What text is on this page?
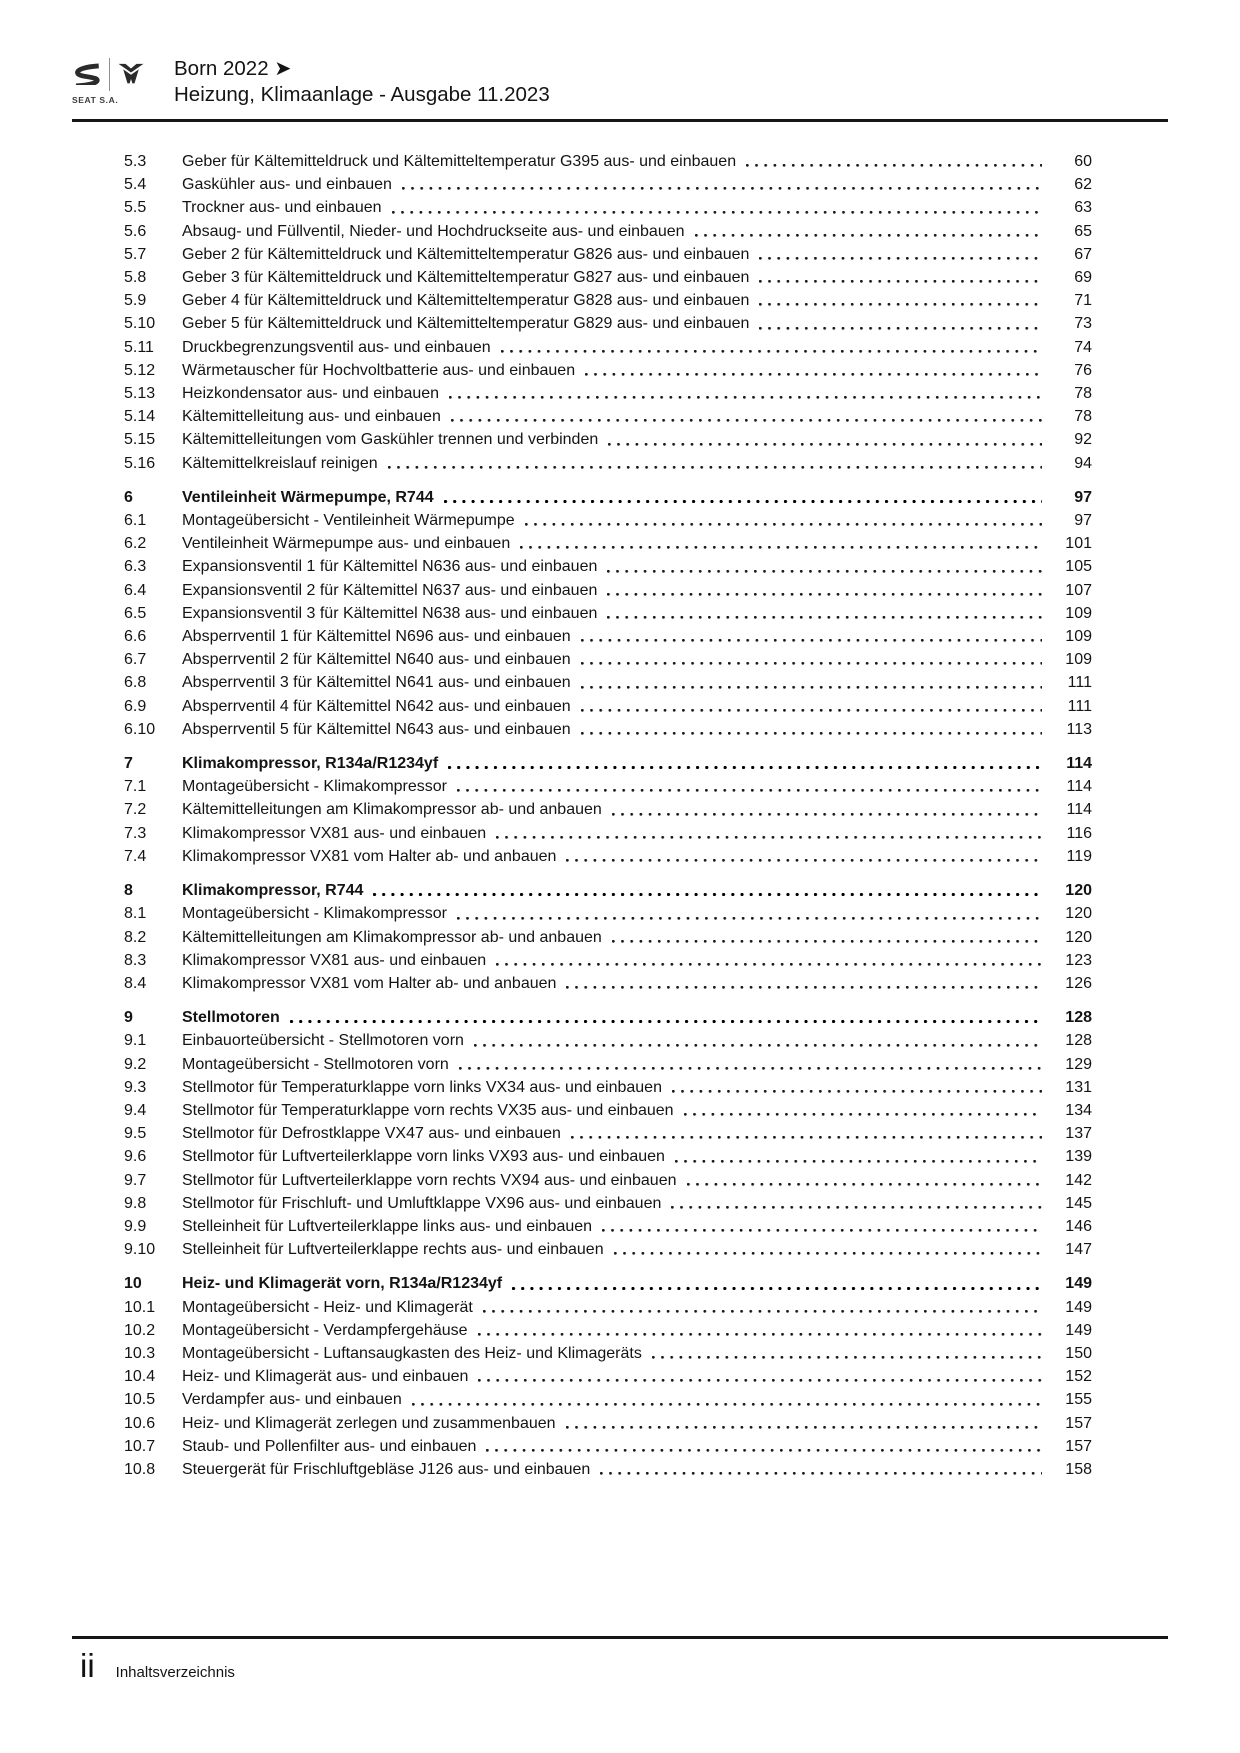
SEAT S.A.
Born 2022 ➤
Heizung, Klimaanlage - Ausgabe 11.2023
5.3	Geber für Kältemitteldruck und Kältemitteltemperatur G395 aus- und einbauen	60
5.4	Gaskühler aus- und einbauen	62
5.5	Trockner aus- und einbauen	63
5.6	Absaug- und Füllventil, Nieder- und Hochdruckseite aus- und einbauen	65
5.7	Geber 2 für Kältemitteldruck und Kältemitteltemperatur G826 aus- und einbauen	67
5.8	Geber 3 für Kältemitteldruck und Kältemitteltemperatur G827 aus- und einbauen	69
5.9	Geber 4 für Kältemitteldruck und Kältemitteltemperatur G828 aus- und einbauen	71
5.10	Geber 5 für Kältemitteldruck und Kältemitteltemperatur G829 aus- und einbauen	73
5.11	Druckbegrenzungsventil aus- und einbauen	74
5.12	Wärmetauscher für Hochvoltbatterie aus- und einbauen	76
5.13	Heizkondensator aus- und einbauen	78
5.14	Kältemittelleitung aus- und einbauen	78
5.15	Kältemittelleitungen vom Gaskühler trennen und verbinden	92
5.16	Kältemittelkreislauf reinigen	94
6	Ventileinheit Wärmepumpe, R744	97
6.1	Montageübersicht - Ventileinheit Wärmepumpe	97
6.2	Ventileinheit Wärmepumpe aus- und einbauen	101
6.3	Expansionsventil 1 für Kältemittel N636 aus- und einbauen	105
6.4	Expansionsventil 2 für Kältemittel N637 aus- und einbauen	107
6.5	Expansionsventil 3 für Kältemittel N638 aus- und einbauen	109
6.6	Absperrventil 1 für Kältemittel N696 aus- und einbauen	109
6.7	Absperrventil 2 für Kältemittel N640 aus- und einbauen	109
6.8	Absperrventil 3 für Kältemittel N641 aus- und einbauen	111
6.9	Absperrventil 4 für Kältemittel N642 aus- und einbauen	111
6.10	Absperrventil 5 für Kältemittel N643 aus- und einbauen	113
7	Klimakompressor, R134a/R1234yf	114
7.1	Montageübersicht - Klimakompressor	114
7.2	Kältemittelleitungen am Klimakompressor ab- und anbauen	114
7.3	Klimakompressor VX81 aus- und einbauen	116
7.4	Klimakompressor VX81 vom Halter ab- und anbauen	119
8	Klimakompressor, R744	120
8.1	Montageübersicht - Klimakompressor	120
8.2	Kältemittelleitungen am Klimakompressor ab- und anbauen	120
8.3	Klimakompressor VX81 aus- und einbauen	123
8.4	Klimakompressor VX81 vom Halter ab- und anbauen	126
9	Stellmotoren	128
9.1	Einbauorteübersicht - Stellmotoren vorn	128
9.2	Montageübersicht - Stellmotoren vorn	129
9.3	Stellmotor für Temperaturklappe vorn links VX34 aus- und einbauen	131
9.4	Stellmotor für Temperaturklappe vorn rechts VX35 aus- und einbauen	134
9.5	Stellmotor für Defrostklappe VX47 aus- und einbauen	137
9.6	Stellmotor für Luftverteilerklappe vorn links VX93 aus- und einbauen	139
9.7	Stellmotor für Luftverteilerklappe vorn rechts VX94 aus- und einbauen	142
9.8	Stellmotor für Frischluft- und Umluftklappe VX96 aus- und einbauen	145
9.9	Stelleinheit für Luftverteilerklappe links aus- und einbauen	146
9.10	Stelleinheit für Luftverteilerklappe rechts aus- und einbauen	147
10	Heiz- und Klimagerät vorn, R134a/R1234yf	149
10.1	Montageübersicht - Heiz- und Klimagerät	149
10.2	Montageübersicht - Verdampfergehäuse	149
10.3	Montageübersicht - Luftansaugkasten des Heiz- und Klimageräts	150
10.4	Heiz- und Klimagerät aus- und einbauen	152
10.5	Verdampfer aus- und einbauen	155
10.6	Heiz- und Klimagerät zerlegen und zusammenbauen	157
10.7	Staub- und Pollenfilter aus- und einbauen	157
10.8	Steuergerät für Frischluftgebläse J126 aus- und einbauen	158
ii Inhaltsverzeichnis
